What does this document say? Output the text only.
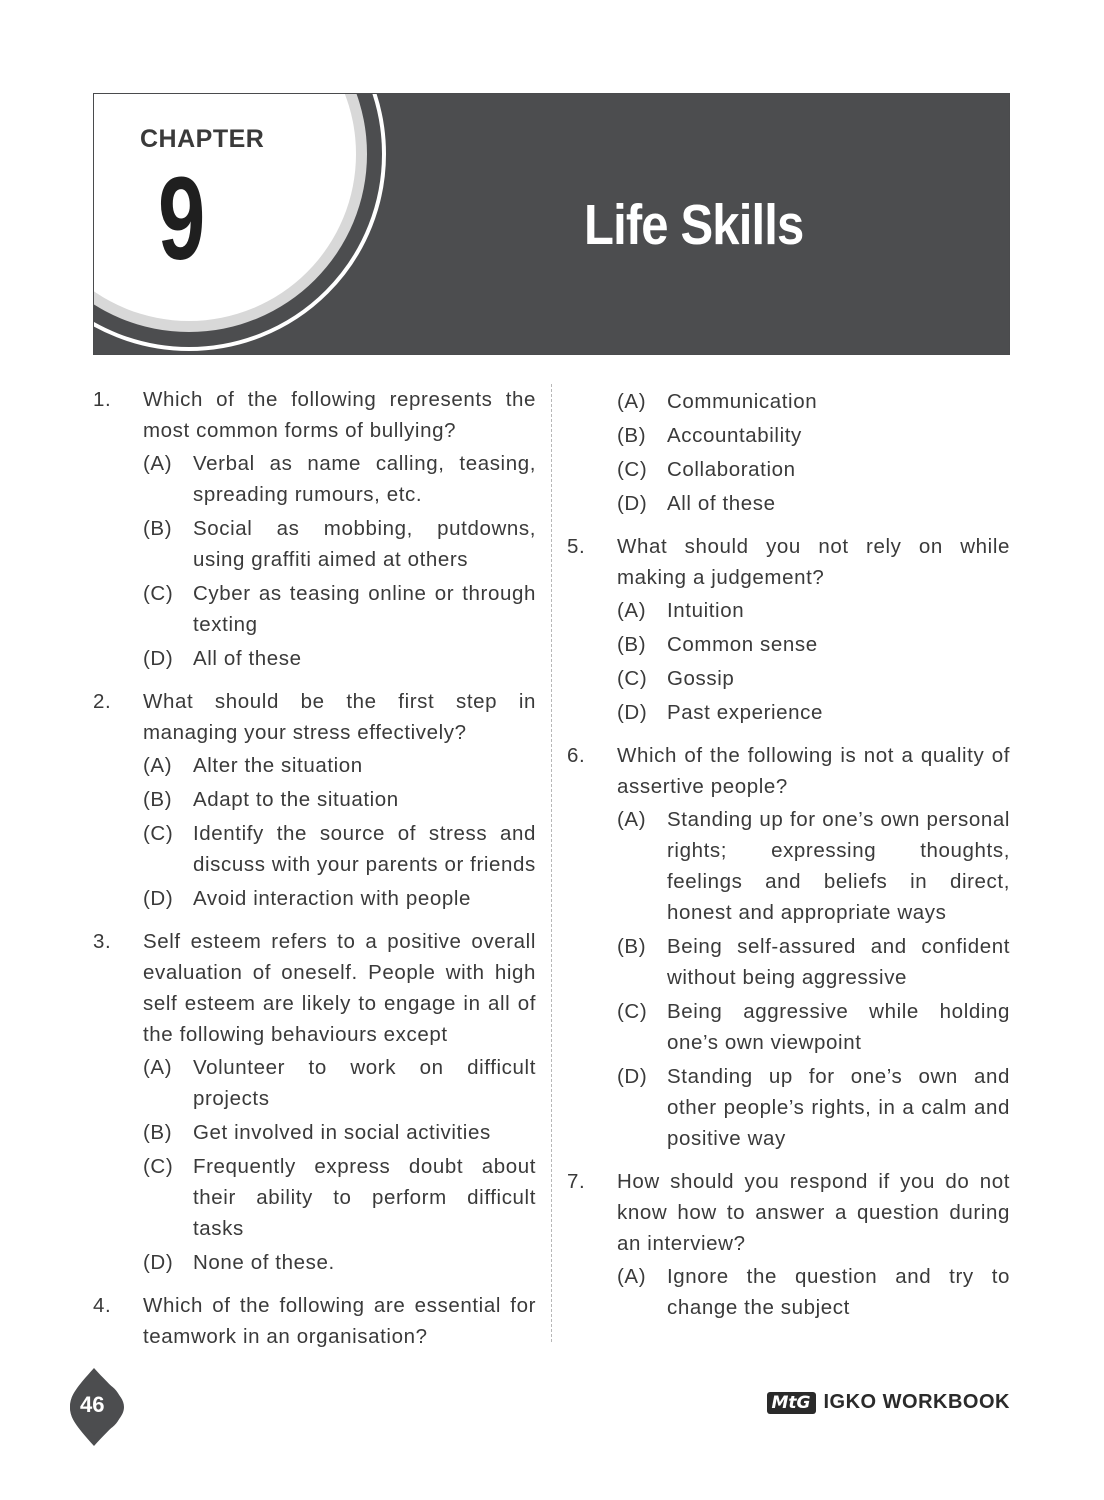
CHAPTER
9	Life Skills
1. Which of the following represents the most common forms of bullying?
(A) Verbal as name calling, teasing, spreading rumours, etc.
(B) Social as mobbing, putdowns, using graffiti aimed at others
(C) Cyber as teasing online or through texting
(D) All of these
2. What should be the first step in managing your stress effectively?
(A) Alter the situation
(B) Adapt to the situation
(C) Identify the source of stress and discuss with your parents or friends
(D) Avoid interaction with people
3. Self esteem refers to a positive overall evaluation of oneself. People with high self esteem are likely to engage in all of the following behaviours except
(A) Volunteer to work on difficult projects
(B) Get involved in social activities
(C) Frequently express doubt about their ability to perform difficult tasks
(D) None of these.
4. Which of the following are essential for teamwork in an organisation?
(A) Communication
(B) Accountability
(C) Collaboration
(D) All of these
5. What should you not rely on while making a judgement?
(A) Intuition
(B) Common sense
(C) Gossip
(D) Past experience
6. Which of the following is not a quality of assertive people?
(A) Standing up for one’s own personal rights; expressing thoughts, feelings and beliefs in direct, honest and appropriate ways
(B) Being self-assured and confident without being aggressive
(C) Being aggressive while holding one’s own viewpoint
(D) Standing up for one’s own and other people’s rights, in a calm and positive way
7. How should you respond if you do not know how to answer a question during an interview?
(A) Ignore the question and try to change the subject
46	MtG IGKO WORKBOOK
